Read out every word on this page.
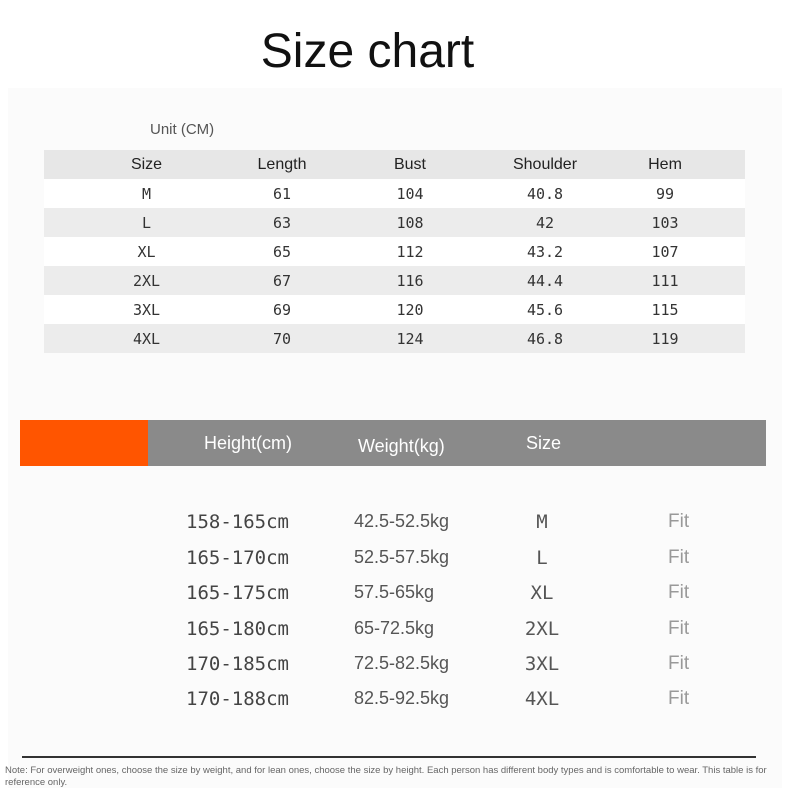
Size chart
Unit (CM)
Size	Length	Bust	Shoulder	Hem
M	61	104	40.8	99
L	63	108	42	103
XL	65	112	43.2	107
2XL	67	116	44.4	111
3XL	69	120	45.6	115
4XL	70	124	46.8	119
Height(cm)	Weight(kg)	Size
158-165cm	42.5-52.5kg	M	Fit
165-170cm	52.5-57.5kg	L	Fit
165-175cm	57.5-65kg	XL	Fit
165-180cm	65-72.5kg	2XL	Fit
170-185cm	72.5-82.5kg	3XL	Fit
170-188cm	82.5-92.5kg	4XL	Fit
Note: For overweight ones, choose the size by weight, and for lean ones, choose the size by height. Each person has different body types and is comfortable to wear. This table is for reference only.
